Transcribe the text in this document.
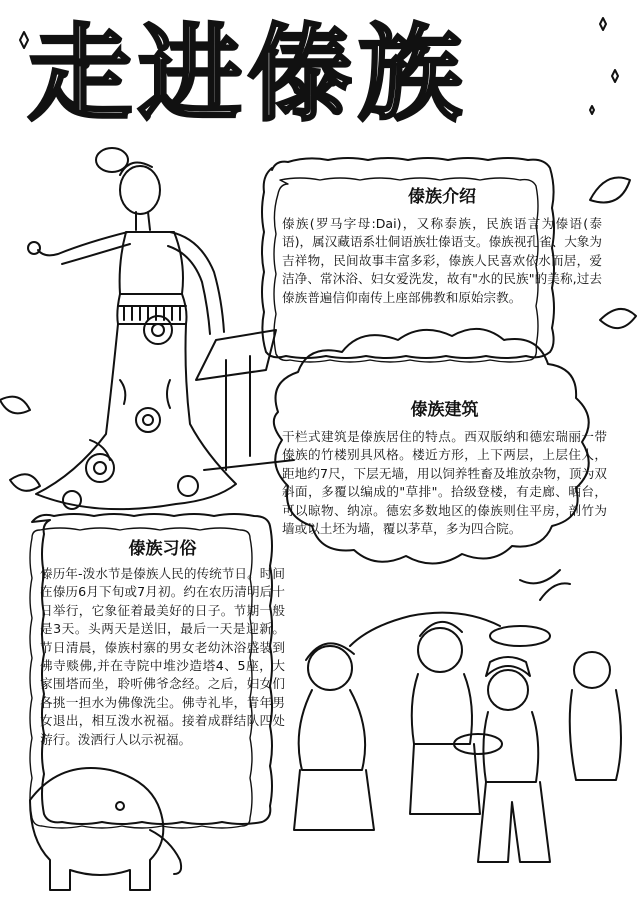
走进傣族
傣族介绍

傣族(罗马字母:Dai)，又称泰族，民族语言为傣语(泰语)，属汉藏语系壮侗语族壮傣语支。傣族视孔雀、大象为吉祥物，民间故事丰富多彩，傣族人民喜欢依水而居，爱洁净、常沐浴、妇女爱洗发，故有"水的民族"的美称,过去傣族普遍信仰南传上座部佛教和原始宗教。

傣族建筑

干栏式建筑是傣族居住的特点。西双版纳和德宏瑞丽一带傣族的竹楼别具风格。楼近方形，上下两层，上层住人，距地约7尺，下层无墙，用以饲养牲畜及堆放杂物，顶为双斜面，多覆以编成的"草排"。拾级登楼，有走廊、晒台，可以晾物、纳凉。德宏多数地区的傣族则住平房，剖竹为墙或以土坯为墙，覆以茅草，多为四合院。

傣族习俗

傣历年-泼水节是傣族人民的传统节日。时间在傣历6月下旬或7月初。约在农历清明后十日举行，它象征着最美好的日子。节期一般是3天。头两天是送旧，最后一天是迎新。节日清晨，傣族村寨的男女老幼沐浴盛装到佛寺赕佛,并在寺院中堆沙造塔4、5座，大家围塔而坐，聆听佛爷念经。之后，妇女们各挑一担水为佛像洗尘。佛寺礼毕，青年男女退出，相互泼水祝福。接着成群结队四处游行。泼洒行人以示祝福。
